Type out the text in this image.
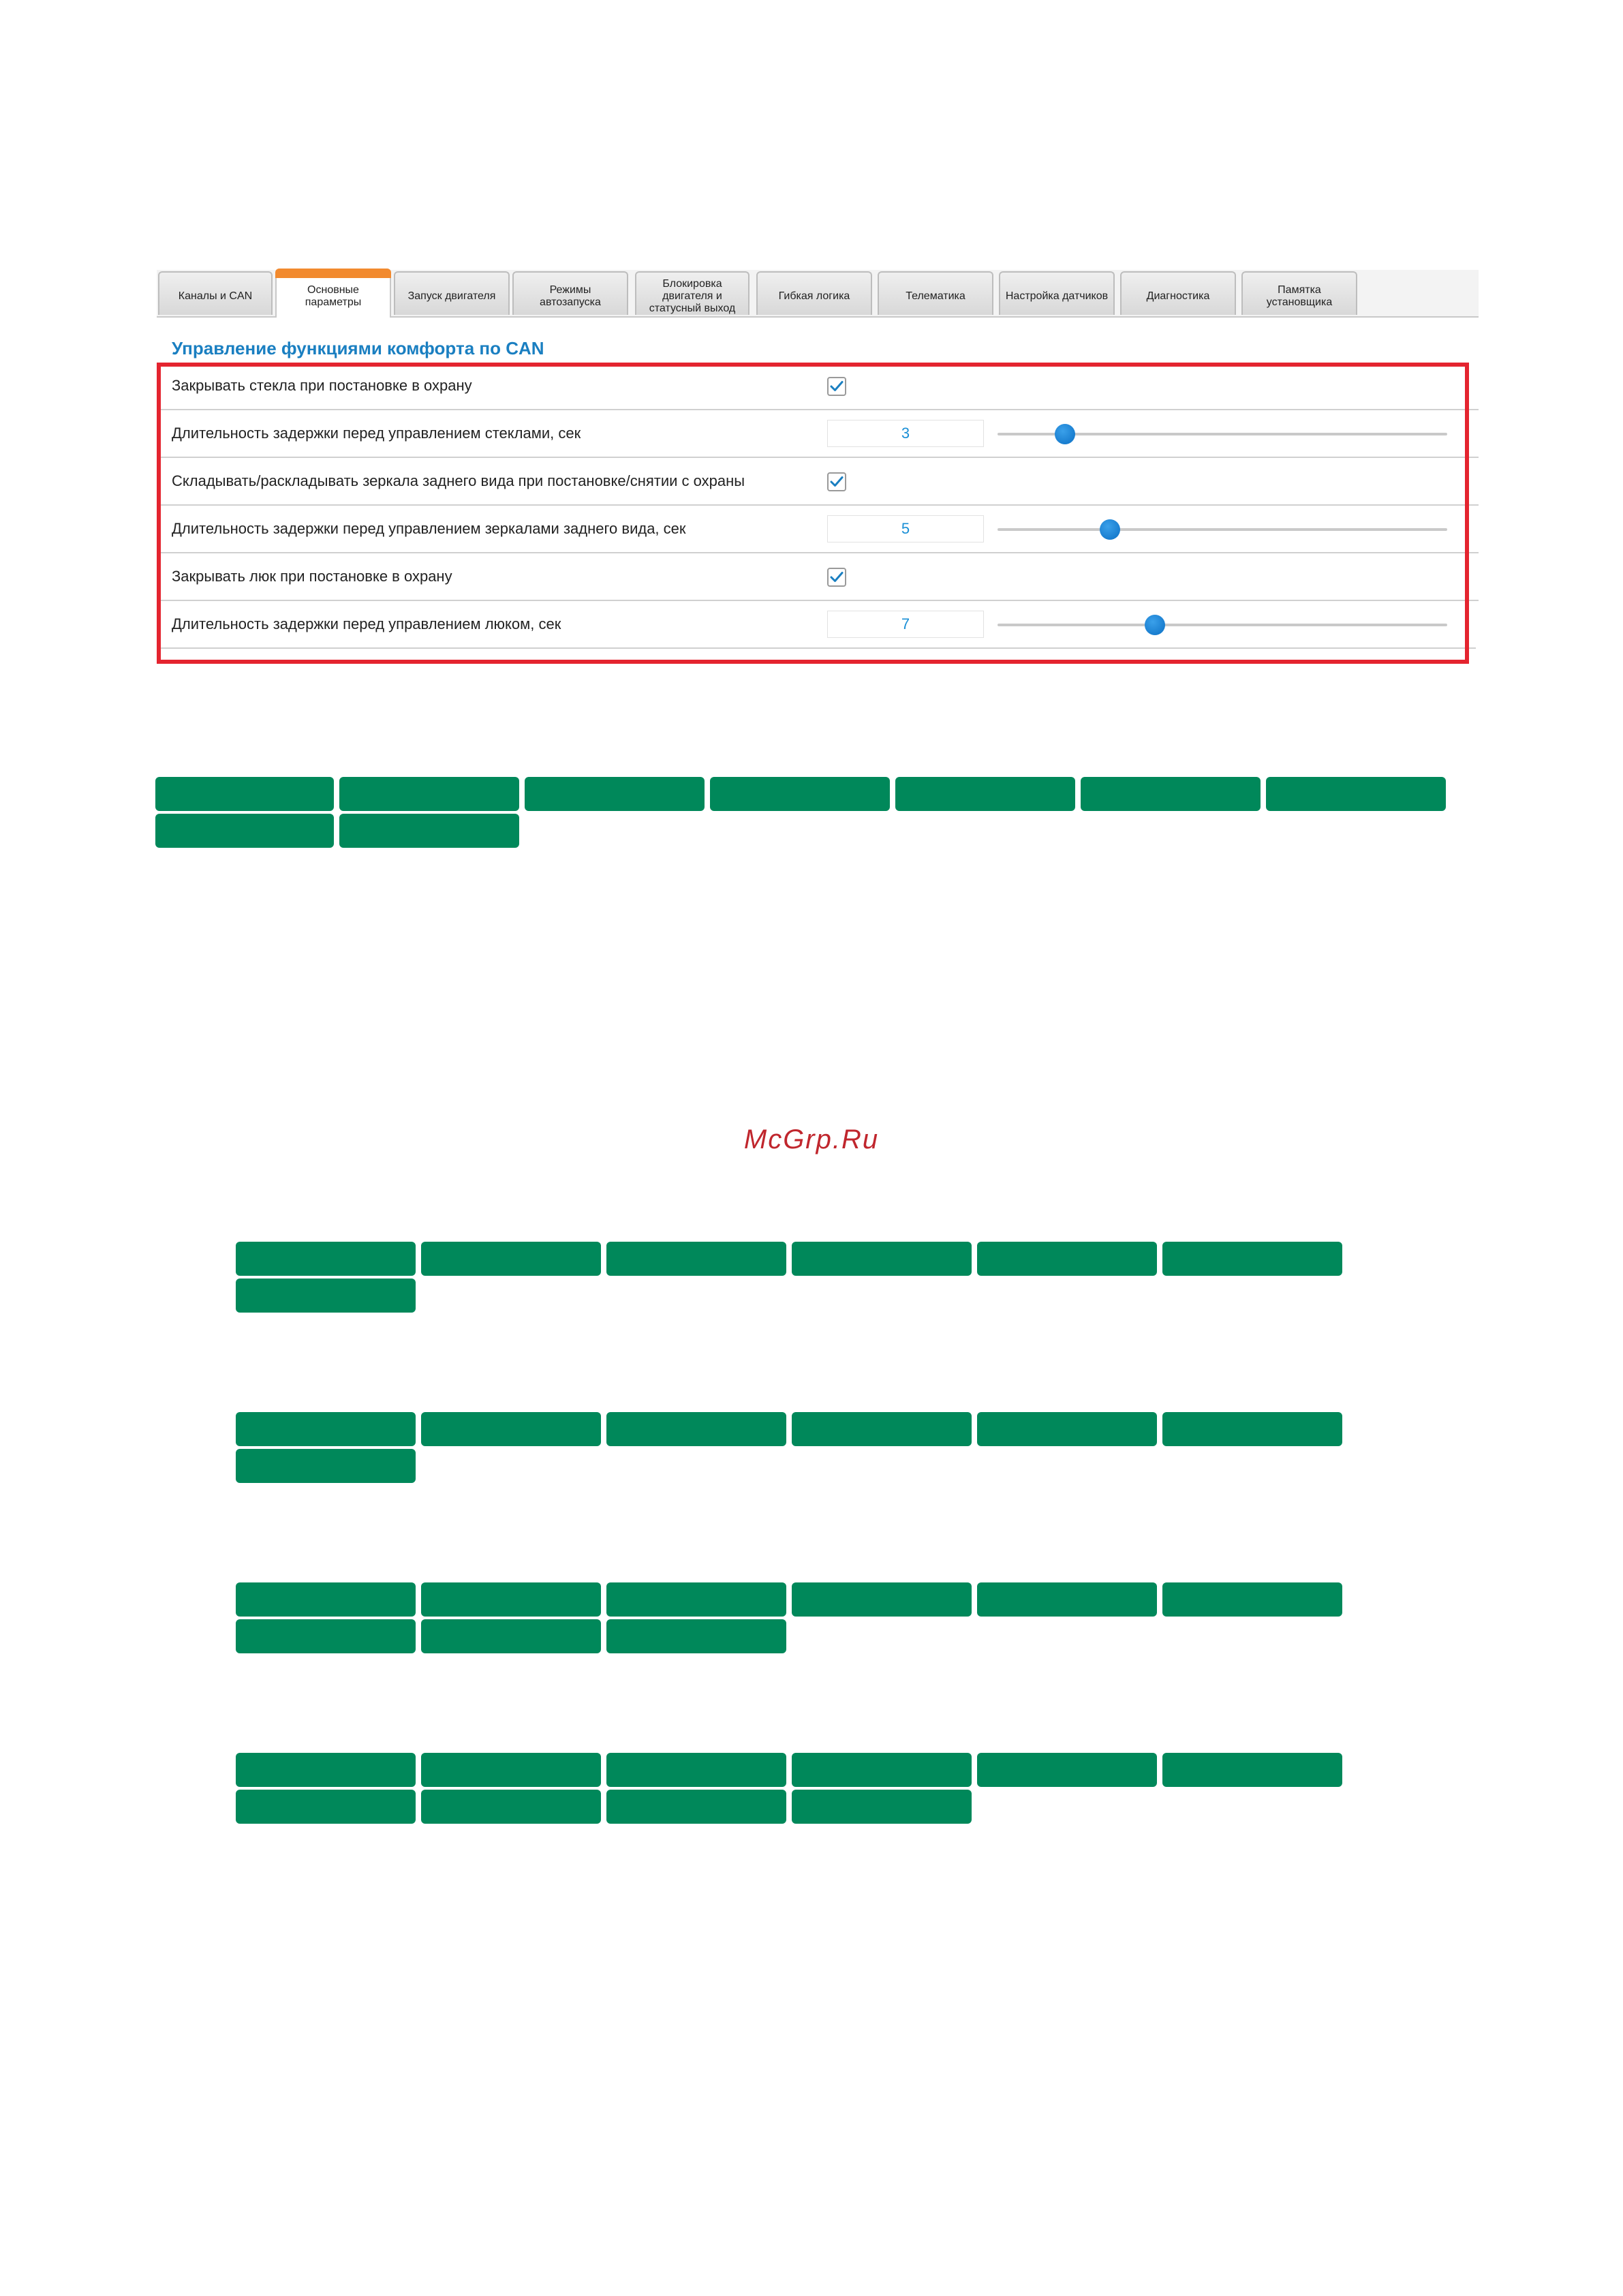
Каналы и CAN
Основные
параметры
Запуск двигателя
Режимы
автозапуска
Блокировка
двигателя и
статусный выход
Гибкая логика	Телематика	Настройка датчиков	Диагностика
Памятка
установщика
Управление функциями комфорта по CAN
Закрывать стекла при постановке в охрану
Длительность задержки перед управлением стеклами, сек	3
Складывать/раскладывать зеркала заднего вида при постановке/снятии с охраны
Длительность задержки перед управлением зеркалами заднего вида, сек	5
Закрывать люк при постановке в охрану
Длительность задержки перед управлением люком, сек	7
McGrp.Ru
